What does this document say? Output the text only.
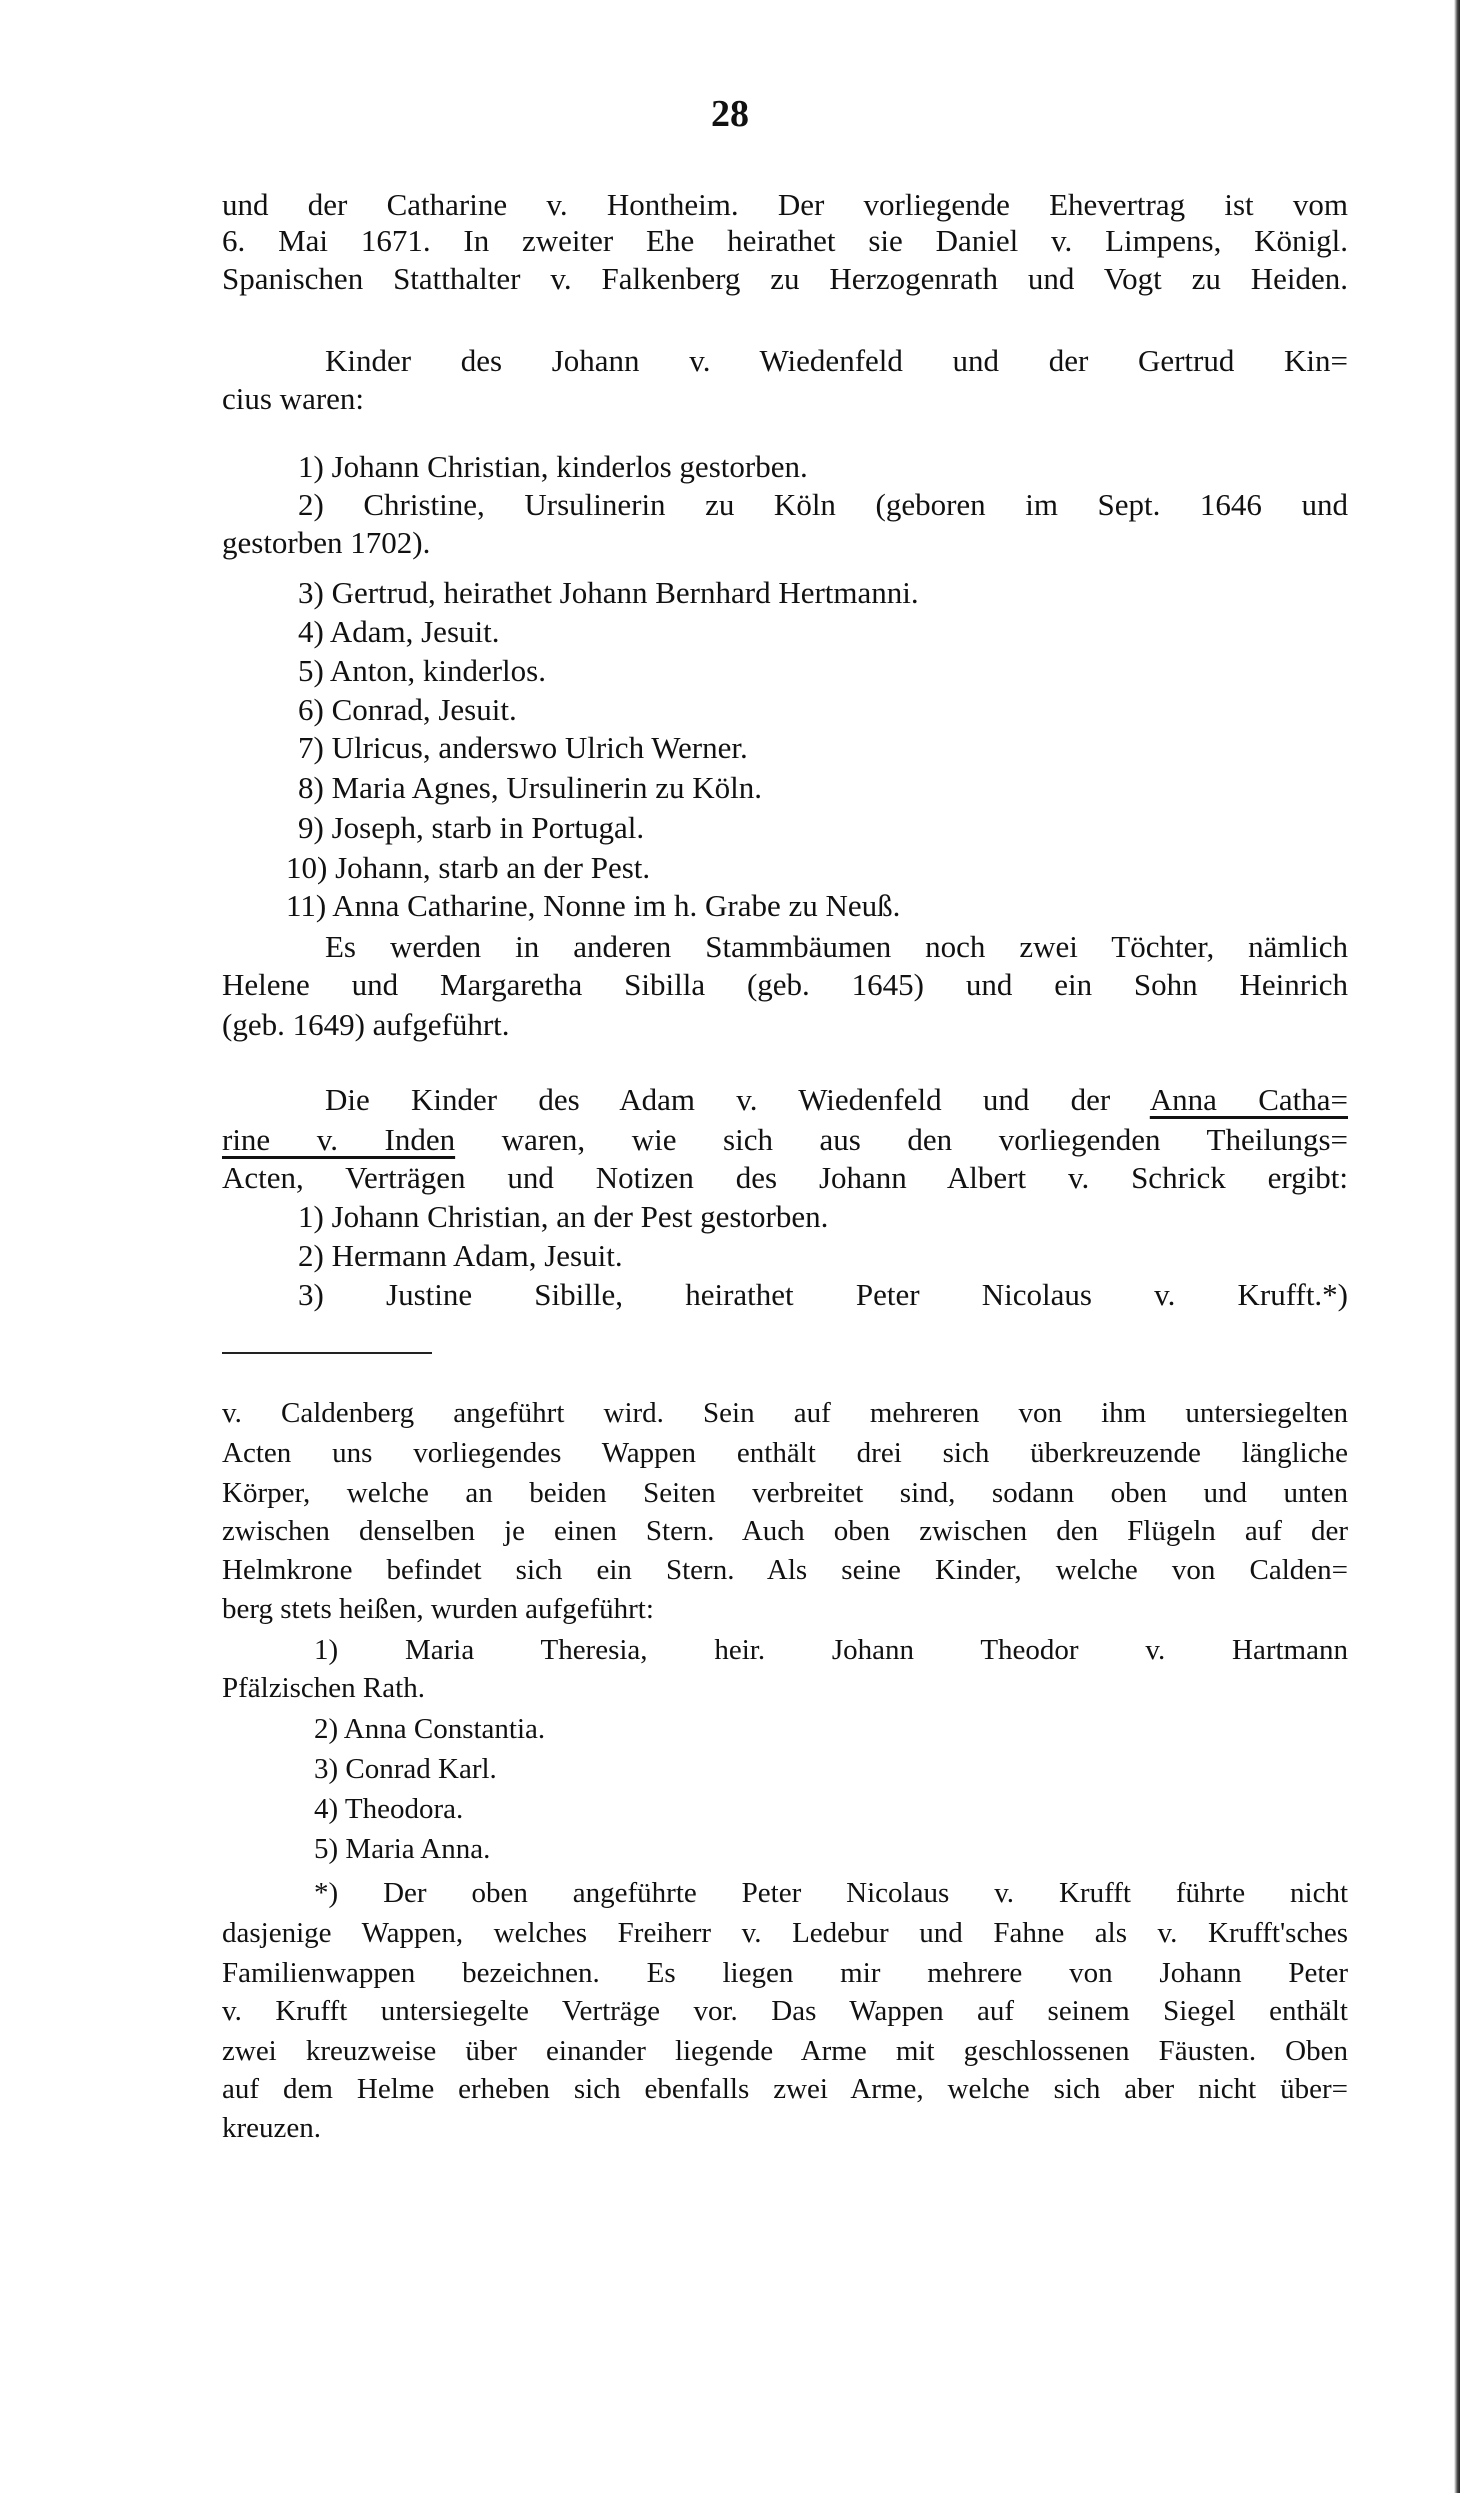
28
und der Catharine v. Hontheim. Der vorliegende Ehevertrag ist vom
6. Mai 1671. In zweiter Ehe heirathet sie Daniel v. Limpens, Königl.
Spanischen Statthalter v. Falkenberg zu Herzogenrath und Vogt zu Heiden.
Kinder des Johann v. Wiedenfeld und der Gertrud Kin=
cius waren:
1) Johann Christian, kinderlos gestorben.
2) Christine, Ursulinerin zu Köln (geboren im Sept. 1646 und
gestorben 1702).
3) Gertrud, heirathet Johann Bernhard Hertmanni.
4) Adam, Jesuit.
5) Anton, kinderlos.
6) Conrad, Jesuit.
7) Ulricus, anderswo Ulrich Werner.
8) Maria Agnes, Ursulinerin zu Köln.
9) Joseph, starb in Portugal.
10) Johann, starb an der Pest.
11) Anna Catharine, Nonne im h. Grabe zu Neuß.
Es werden in anderen Stammbäumen noch zwei Töchter, nämlich
Helene und Margaretha Sibilla (geb. 1645) und ein Sohn Heinrich
(geb. 1649) aufgeführt.
Die Kinder des Adam v. Wiedenfeld und der Anna Catha=
rine v. Inden waren, wie sich aus den vorliegenden Theilungs=
Acten, Verträgen und Notizen des Johann Albert v. Schrick ergibt:
1) Johann Christian, an der Pest gestorben.
2) Hermann Adam, Jesuit.
3) Justine Sibille, heirathet Peter Nicolaus v. Krufft.*)
v. Caldenberg angeführt wird. Sein auf mehreren von ihm untersiegelten
Acten uns vorliegendes Wappen enthält drei sich überkreuzende längliche
Körper, welche an beiden Seiten verbreitet sind, sodann oben und unten
zwischen denselben je einen Stern. Auch oben zwischen den Flügeln auf der
Helmkrone befindet sich ein Stern. Als seine Kinder, welche von Calden=
berg stets heißen, wurden aufgeführt:
1) Maria Theresia, heir. Johann Theodor v. Hartmann
Pfälzischen Rath.
2) Anna Constantia.
3) Conrad Karl.
4) Theodora.
5) Maria Anna.
*) Der oben angeführte Peter Nicolaus v. Krufft führte nicht
dasjenige Wappen, welches Freiherr v. Ledebur und Fahne als v. Krufft'sches
Familienwappen bezeichnen. Es liegen mir mehrere von Johann Peter
v. Krufft untersiegelte Verträge vor. Das Wappen auf seinem Siegel enthält
zwei kreuzweise über einander liegende Arme mit geschlossenen Fäusten. Oben
auf dem Helme erheben sich ebenfalls zwei Arme, welche sich aber nicht über=
kreuzen.
